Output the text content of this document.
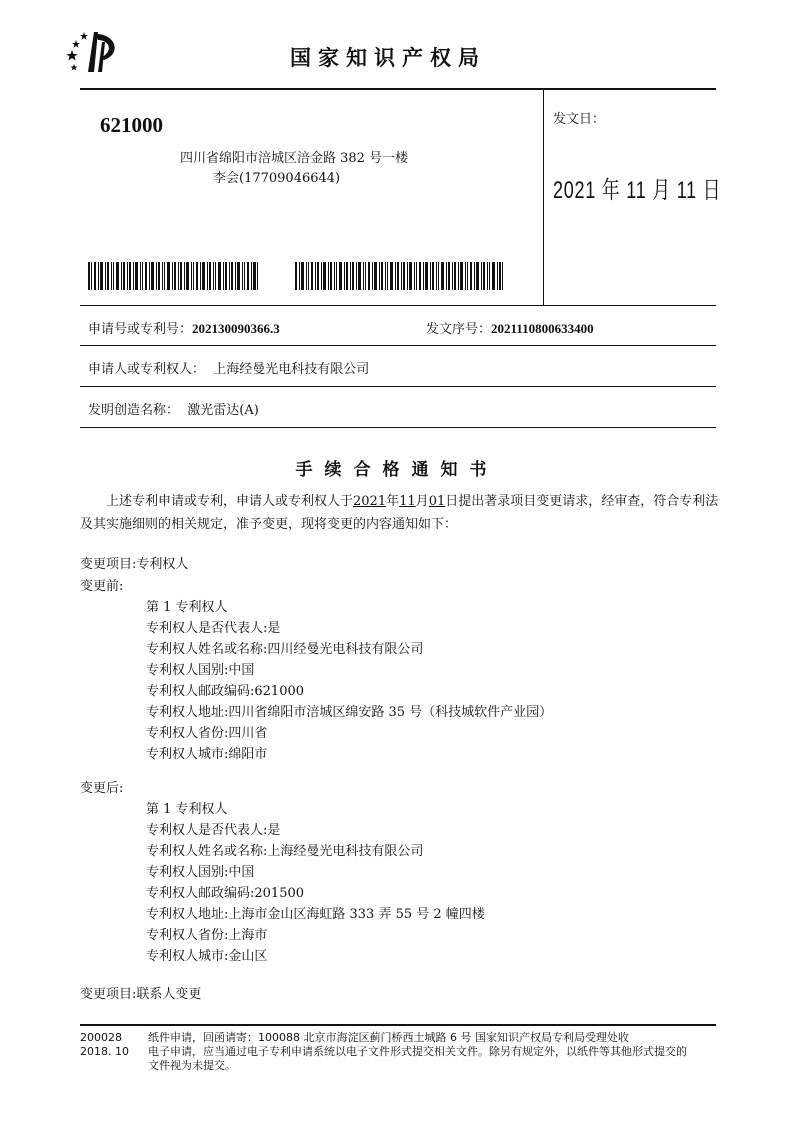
国家知识产权局
621000
四川省绵阳市涪城区涪金路 382 号一楼
李会(17709046644)
发文日：
2021 年 11 月 11 日
申请号或专利号：202130090366.3	发文序号：2021110800633400
申请人或专利权人： 上海经曼光电科技有限公司
发明创造名称： 激光雷达(A)
手续合格通知书
上述专利申请或专利，申请人或专利权人于2021年11月01日提出著录项目变更请求，经审查，符合专利法及其实施细则的相关规定，准予变更，现将变更的内容通知如下：
变更项目:专利权人
变更前:
第 1 专利权人
专利权人是否代表人:是
专利权人姓名或名称:四川经曼光电科技有限公司
专利权人国别:中国
专利权人邮政编码:621000
专利权人地址:四川省绵阳市涪城区绵安路 35 号（科技城软件产业园）
专利权人省份:四川省
专利权人城市:绵阳市
变更后:
第 1 专利权人
专利权人是否代表人:是
专利权人姓名或名称:上海经曼光电科技有限公司
专利权人国别:中国
专利权人邮政编码:201500
专利权人地址:上海市金山区海虹路 333 弄 55 号 2 幢四楼
专利权人省份:上海市
专利权人城市:金山区
变更项目:联系人变更
200028
2018. 10
纸件申请，回函请寄：100088 北京市海淀区蓟门桥西土城路 6 号 国家知识产权局专利局受理处收
电子申请，应当通过电子专利申请系统以电子文件形式提交相关文件。除另有规定外，以纸件等其他形式提交的
文件视为未提交。
